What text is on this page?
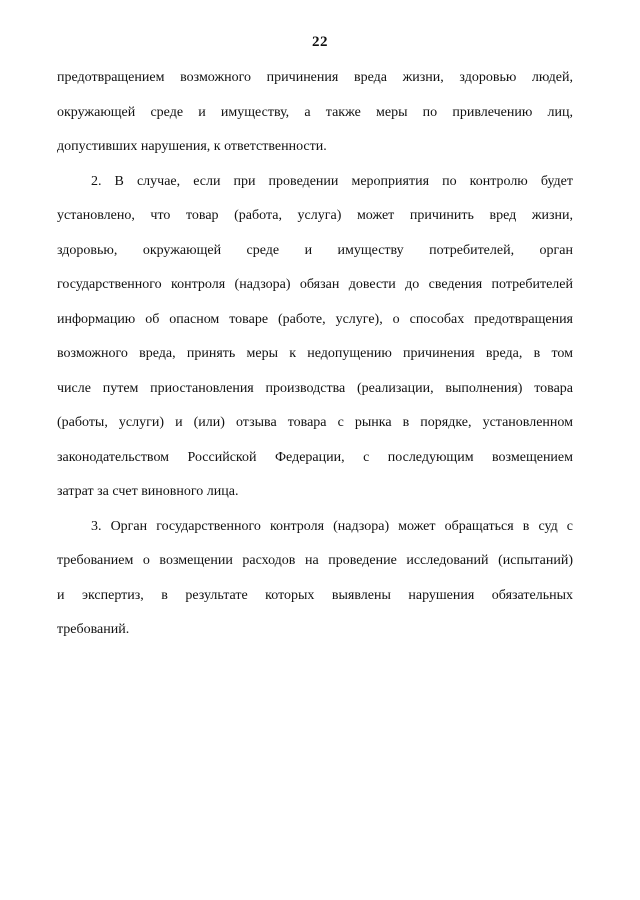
22
предотвращением возможного причинения вреда жизни, здоровью людей,
окружающей среде и имуществу, а также меры по привлечению лиц,
допустивших нарушения, к ответственности.
2. В случае, если при проведении мероприятия по контролю будет
установлено, что товар (работа, услуга) может причинить вред жизни,
здоровью, окружающей среде и имуществу потребителей, орган
государственного контроля (надзора) обязан довести до сведения потребителей
информацию об опасном товаре (работе, услуге), о способах предотвращения
возможного вреда, принять меры к недопущению причинения вреда, в том
числе путем приостановления производства (реализации, выполнения) товара
(работы, услуги) и (или) отзыва товара с рынка в порядке, установленном
законодательством Российской Федерации, с последующим возмещением
затрат за счет виновного лица.
3. Орган государственного контроля (надзора) может обращаться в суд с
требованием о возмещении расходов на проведение исследований (испытаний)
и экспертиз, в результате которых выявлены нарушения обязательных
требований.
